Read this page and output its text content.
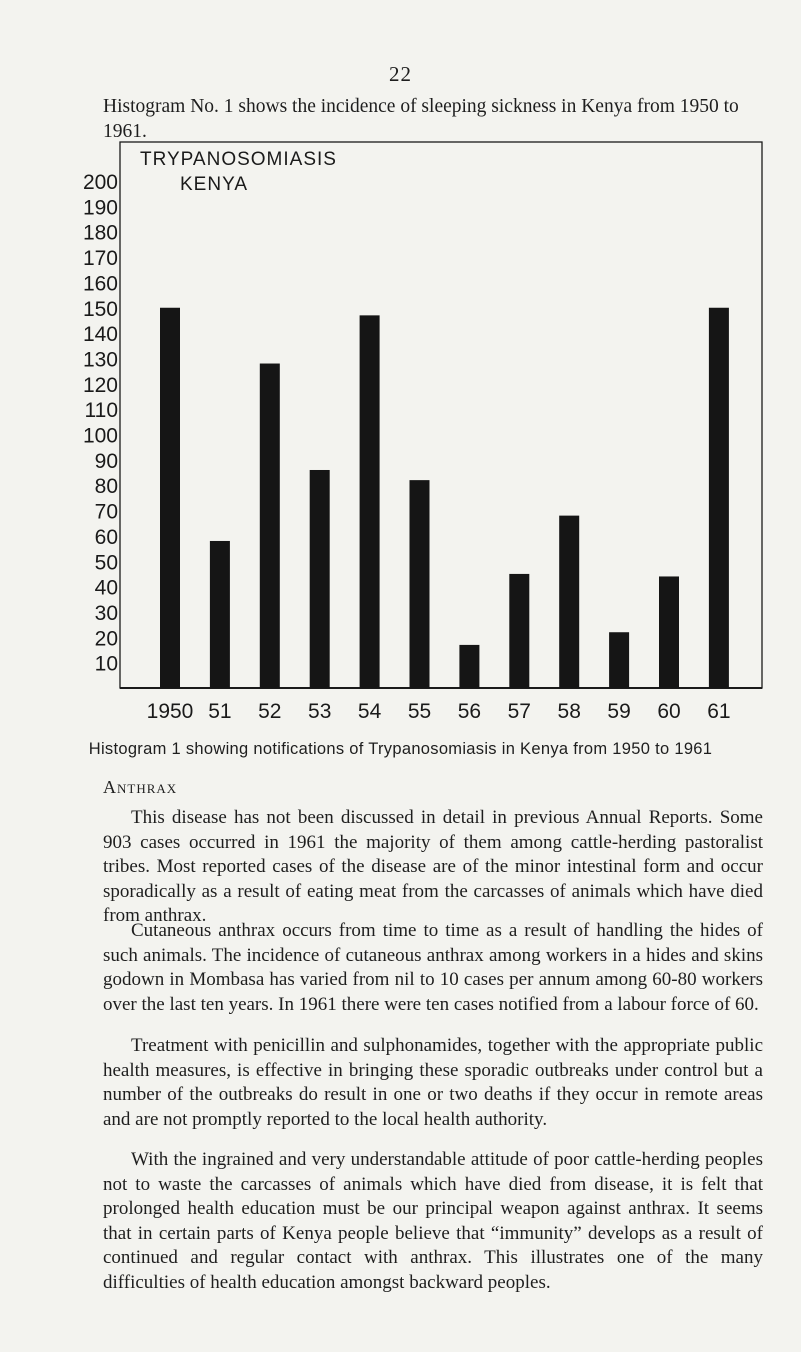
22

Histogram No. 1 shows the incidence of sleeping sickness in Kenya from 1950 to 1961.

10
20
30
40
50
60
70
80
90
100
110
120
130
140
150
160
170
180
190
200
1950 51 52 53 54 55 56 57 58 59 60 61
TRYPANOSOMIASIS
KENYA
Histogram 1 showing notifications of Trypanosomiasis in Kenya from 1950 to 1961
Anthrax

This disease has not been discussed in detail in previous Annual Reports. Some 903 cases occurred in 1961 the majority of them among cattle-herding pastoralist tribes. Most reported cases of the disease are of the minor intestinal form and occur sporadically as a result of eating meat from the carcasses of animals which have died from anthrax.

Cutaneous anthrax occurs from time to time as a result of handling the hides of such animals. The incidence of cutaneous anthrax among workers in a hides and skins godown in Mombasa has varied from nil to 10 cases per annum among 60-80 workers over the last ten years. In 1961 there were ten cases notified from a labour force of 60.

Treatment with penicillin and sulphonamides, together with the appropriate public health measures, is effective in bringing these sporadic outbreaks under control but a number of the outbreaks do result in one or two deaths if they occur in remote areas and are not promptly reported to the local health authority.

With the ingrained and very understandable attitude of poor cattle-herding peoples not to waste the carcasses of animals which have died from disease, it is felt that prolonged health education must be our principal weapon against anthrax. It seems that in certain parts of Kenya people believe that “immunity” develops as a result of continued and regular contact with anthrax. This illustrates one of the many difficulties of health education amongst backward peoples.
